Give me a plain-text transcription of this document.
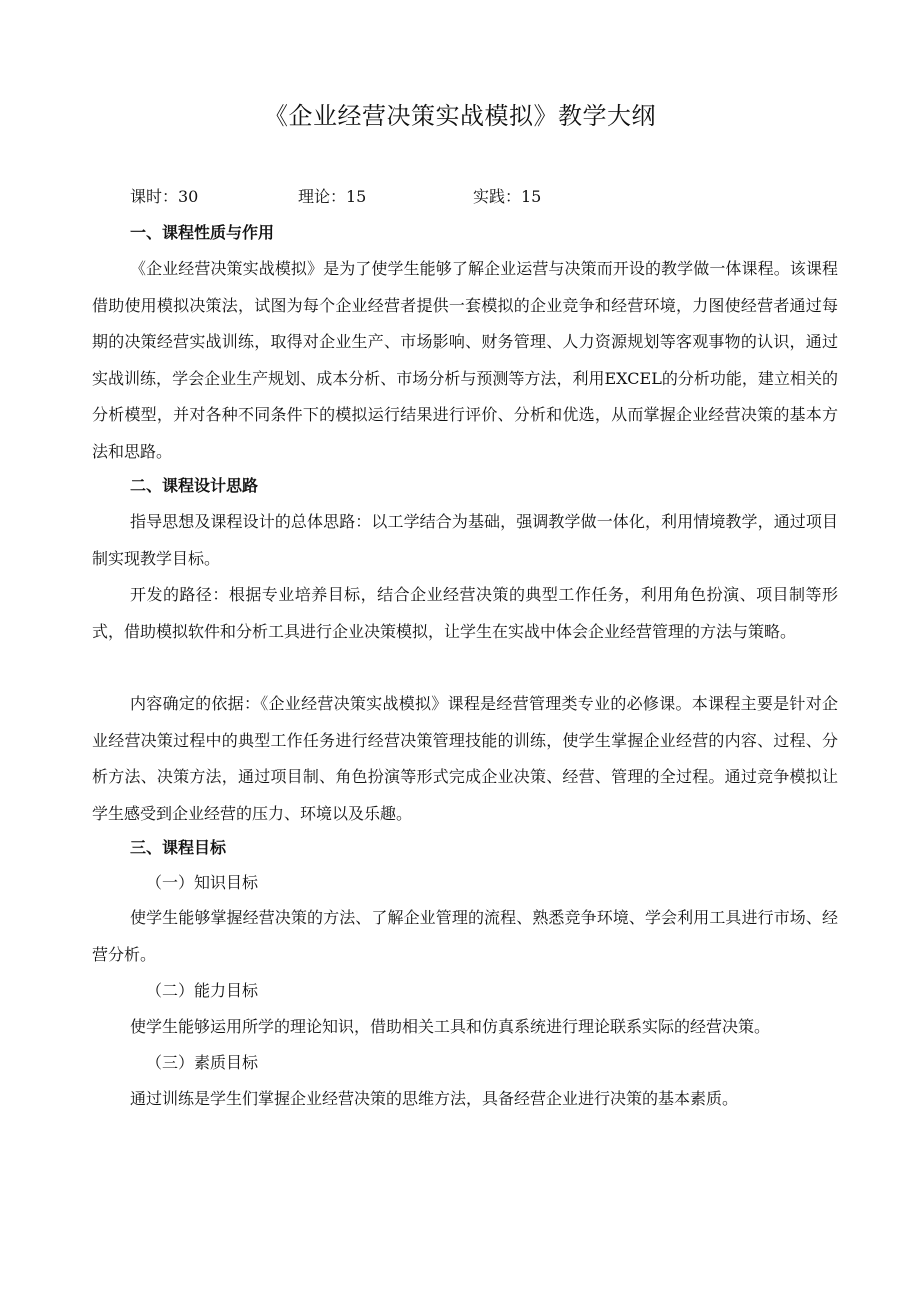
《企业经营决策实战模拟》教学大纲
课时：30	理论：15	实践：15
一、课程性质与作用

《企业经营决策实战模拟》是为了使学生能够了解企业运营与决策而开设的教学做一体课程。该课程借助使用模拟决策法，试图为每个企业经营者提供一套模拟的企业竞争和经营环境，力图使经营者通过每期的决策经营实战训练，取得对企业生产、市场影响、财务管理、人力资源规划等客观事物的认识，通过实战训练，学会企业生产规划、成本分析、市场分析与预测等方法，利用EXCEL的分析功能，建立相关的分析模型，并对各种不同条件下的模拟运行结果进行评价、分析和优选，从而掌握企业经营决策的基本方法和思路。

二、课程设计思路

指导思想及课程设计的总体思路：以工学结合为基础，强调教学做一体化，利用情境教学，通过项目制实现教学目标。

开发的路径：根据专业培养目标，结合企业经营决策的典型工作任务，利用角色扮演、项目制等形式，借助模拟软件和分析工具进行企业决策模拟，让学生在实战中体会企业经营管理的方法与策略。

内容确定的依据：《企业经营决策实战模拟》课程是经营管理类专业的必修课。本课程主要是针对企业经营决策过程中的典型工作任务进行经营决策管理技能的训练，使学生掌握企业经营的内容、过程、分析方法、决策方法，通过项目制、角色扮演等形式完成企业决策、经营、管理的全过程。通过竞争模拟让学生感受到企业经营的压力、环境以及乐趣。

三、课程目标
（一）知识目标

使学生能够掌握经营决策的方法、了解企业管理的流程、熟悉竞争环境、学会利用工具进行市场、经营分析。

（二）能力目标

使学生能够运用所学的理论知识，借助相关工具和仿真系统进行理论联系实际的经营决策。

（三）素质目标

通过训练是学生们掌握企业经营决策的思维方法，具备经营企业进行决策的基本素质。
